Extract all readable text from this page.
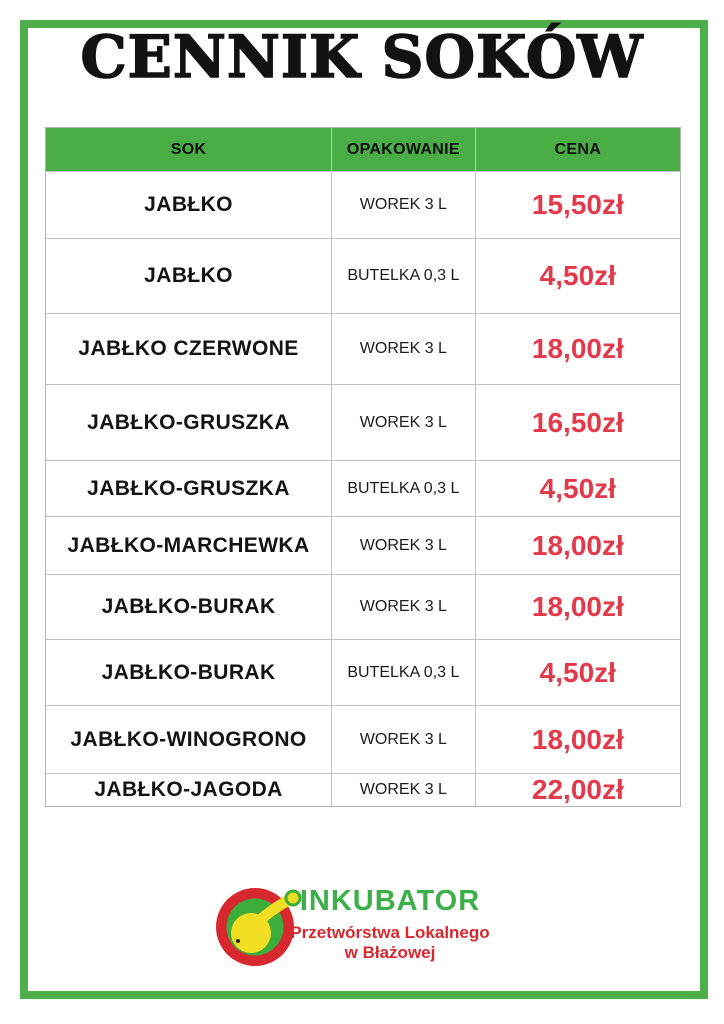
CENNIK SOKÓW
SOK	OPAKOWANIE	CENA
JABŁKO	WOREK 3 L	15,50zł
JABŁKO	BUTELKA 0,3 L	4,50zł
JABŁKO CZERWONE	WOREK 3 L	18,00zł
JABŁKO-GRUSZKA	WOREK 3 L	16,50zł
JABŁKO-GRUSZKA	BUTELKA 0,3 L	4,50zł
JABŁKO-MARCHEWKA	WOREK 3 L	18,00zł
JABŁKO-BURAK	WOREK 3 L	18,00zł
JABŁKO-BURAK	BUTELKA 0,3 L	4,50zł
JABŁKO-WINOGRONO	WOREK 3 L	18,00zł
JABŁKO-JAGODA	WOREK 3 L	22,00zł
INKUBATOR
Przetwórstwa Lokalnego
w Błażowej
